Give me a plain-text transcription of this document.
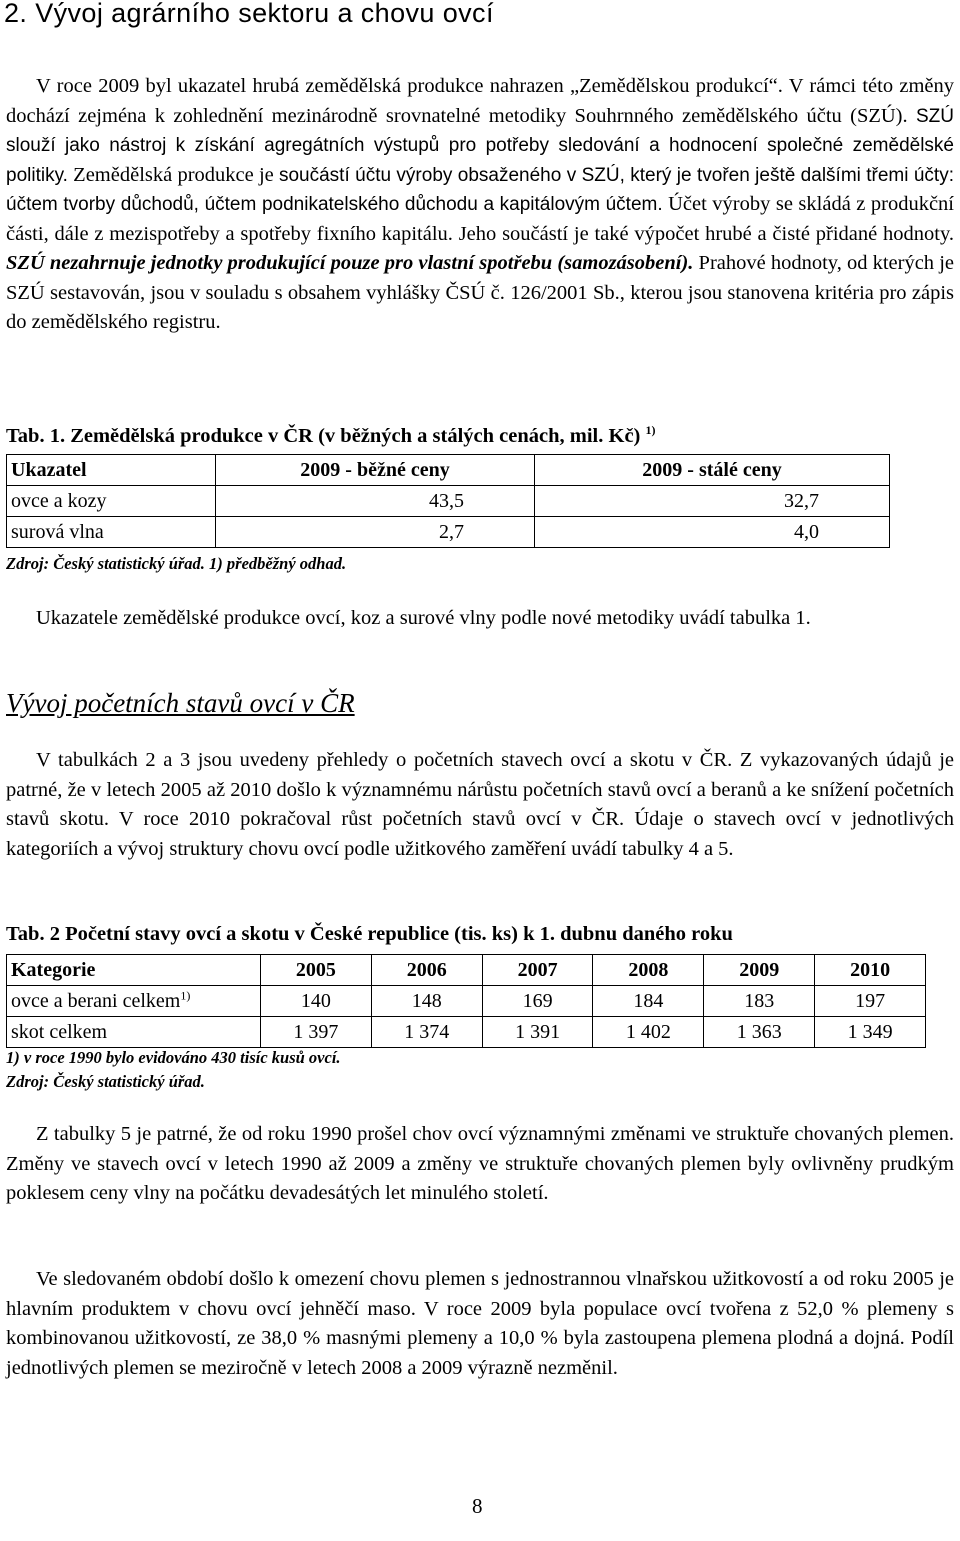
2. Vývoj agrárního sektoru a chovu ovcí

V roce 2009 byl ukazatel hrubá zemědělská produkce nahrazen „Zemědělskou produkcí“. V rámci této změny dochází zejména k zohlednění mezinárodně srovnatelné metodiky Souhrnného zemědělského účtu (SZÚ). SZÚ slouží jako nástroj k získání agregátních výstupů pro potřeby sledování a hodnocení společné zemědělské politiky. Zemědělská produkce je součástí účtu výroby obsaženého v SZÚ, který je tvořen ještě dalšími třemi účty: účtem tvorby důchodů, účtem podnikatelského důchodu a kapitálovým účtem. Účet výroby se skládá z produkční části, dále z mezispotřeby a spotřeby fixního kapitálu. Jeho součástí je také výpočet hrubé a čisté přidané hodnoty. SZÚ nezahrnuje jednotky produkující pouze pro vlastní spotřebu (samozásobení). Prahové hodnoty, od kterých je SZÚ sestavován, jsou v souladu s obsahem vyhlášky ČSÚ č. 126/2001 Sb., kterou jsou stanovena kritéria pro zápis do zemědělského registru.

Tab. 1. Zemědělská produkce v ČR (v běžných a stálých cenách, mil. Kč) $^{1)}$

Ukazatel	2009 - běžné ceny	2009 - stálé ceny
ovce a kozy	43,5	32,7
surová vlna	2,7	4,0

Zdroj: Český statistický úřad. 1) předběžný odhad.

Ukazatele zemědělské produkce ovcí, koz a surové vlny podle nové metodiky uvádí tabulka 1.

Vývoj početních stavů ovcí v ČR

V tabulkách 2 a 3 jsou uvedeny přehledy o početních stavech ovcí a skotu v ČR. Z vykazovaných údajů je patrné, že v letech 2005 až 2010 došlo k významnému nárůstu početních stavů ovcí a beranů a ke snížení početních stavů skotu. V roce 2010 pokračoval růst početních stavů ovcí v ČR. Údaje o stavech ovcí v jednotlivých kategoriích a vývoj struktury chovu ovcí podle užitkového zaměření uvádí tabulky 4 a 5.

Tab. 2 Početní stavy ovcí a skotu v České republice (tis. ks) k 1. dubnu daného roku

Kategorie	2005	2006	2007	2008	2009	2010
ovce a berani celkem$^{1)}$	140	148	169	184	183	197
skot celkem	1 397	1 374	1 391	1 402	1 363	1 349

1) v roce 1990 bylo evidováno 430 tisíc kusů ovcí.

Zdroj: Český statistický úřad.

Z tabulky 5 je patrné, že od roku 1990 prošel chov ovcí významnými změnami ve struktuře chovaných plemen. Změny ve stavech ovcí v letech 1990 až 2009 a změny ve struktuře chovaných plemen byly ovlivněny prudkým poklesem ceny vlny na počátku devadesátých let minulého století.

Ve sledovaném období došlo k omezení chovu plemen s jednostrannou vlnařskou užitkovostí a od roku 2005 je hlavním produktem v chovu ovcí jehněčí maso. V roce 2009 byla populace ovcí tvořena z 52,0 % plemeny s kombinovanou užitkovostí, ze 38,0 % masnými plemeny a 10,0 % byla zastoupena plemena plodná a dojná. Podíl jednotlivých plemen se meziročně v letech 2008 a 2009 výrazně nezměnil.

8
